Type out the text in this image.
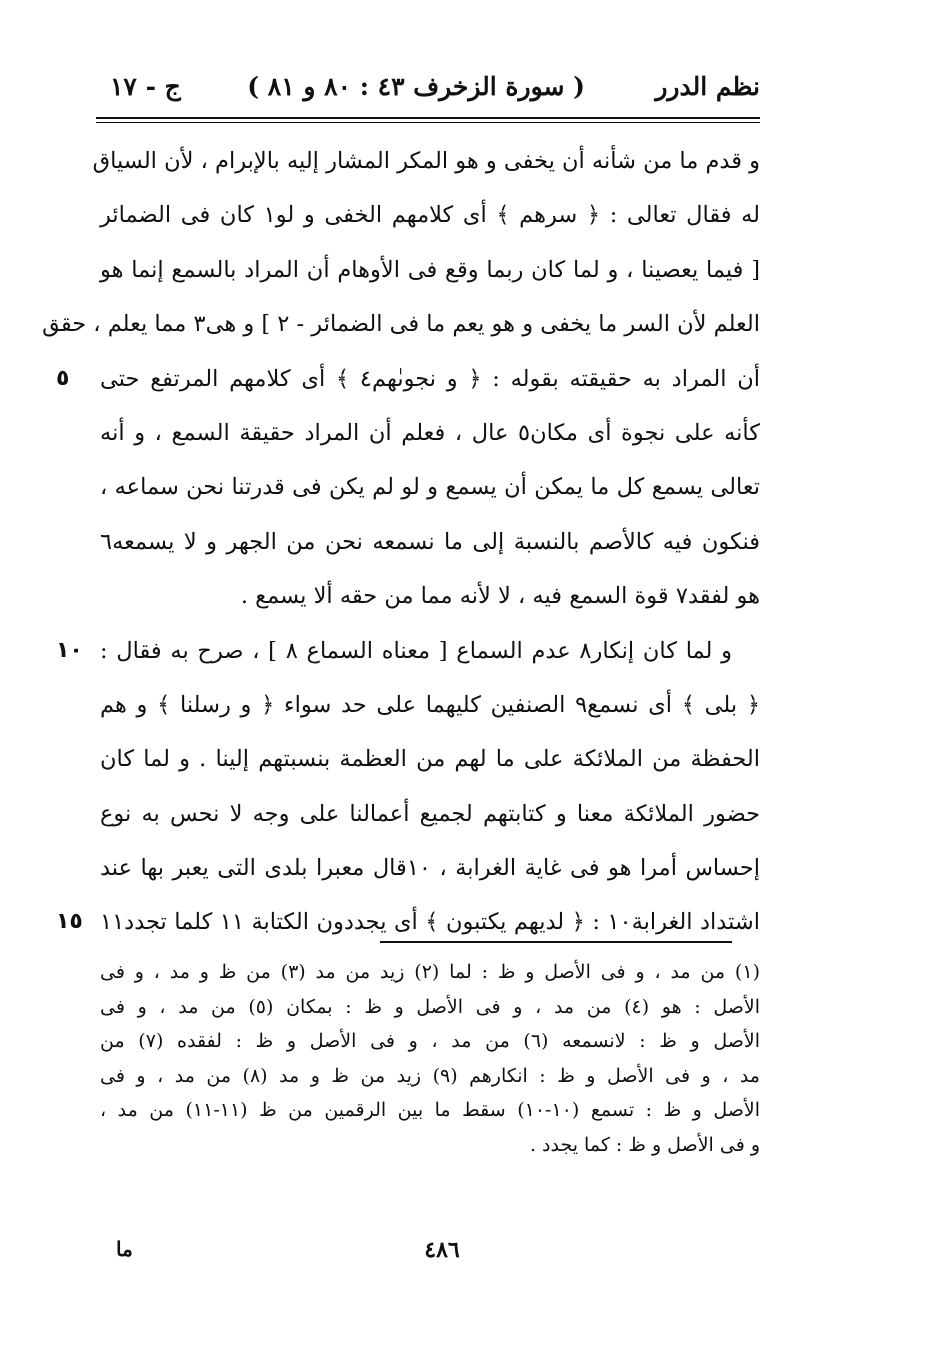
نظم الدرر
( سورة الزخرف ٤٣ : ٨٠ و ٨١ )
ج - ١٧
و قدم ما من شأنه أن يخفى و هو المكر المشار إليه بالإبرام ، لأن السياق
له فقال تعالى : ﴿ سرهم ﴾ أى كلامهم الخفى و لو١ كان فى الضمائر
[ فيما يعصينا ، و لما كان ربما وقع فى الأوهام أن المراد بالسمع إنما هو
العلم لأن السر ما يخفى و هو يعم ما فى الضمائر - ٢ ] و هى٣ مما يعلم ، حقق
أن المراد به حقيقته بقوله : ﴿ و نجوىٰهم٤ ﴾ أى كلامهم المرتفع حتى
٥
كأنه على نجوة أى مكان٥ عال ، فعلم أن المراد حقيقة السمع ، و أنه
تعالى يسمع كل ما يمكن أن يسمع و لو لم يكن فى قدرتنا نحن سماعه ،
فنكون فيه كالأصم بالنسبة إلى ما نسمعه نحن من الجهر و لا يسمعه٦
هو لفقد٧ قوة السمع فيه ، لا لأنه مما من حقه ألا يسمع .
و لما كان إنكار٨ عدم السماع [ معناه السماع ٨ ] ، صرح به فقال :
١٠
﴿ بلى ﴾ أى نسمع٩ الصنفين كليهما على حد سواء ﴿ و رسلنا ﴾ و هم
الحفظة من الملائكة على ما لهم من العظمة بنسبتهم إلينا . و لما كان
حضور الملائكة معنا و كتابتهم لجميع أعمالنا على وجه لا نحس به نوع
إحساس أمرا هو فى غاية الغرابة ، ١٠قال معبرا بلدى التى يعبر بها عند
اشتداد الغرابة١٠ : ﴿ لديهم يكتبون ﴾ أى يجددون الكتابة ١١ كلما تجدد١١
١٥
(١) من مد ، و فى الأصل و ظ : لما (٢) زيد من مد (٣) من ظ و مد ، و فى
الأصل : هو (٤) من مد ، و فى الأصل و ظ : بمكان (٥) من مد ، و فى
الأصل و ظ : لانسمعه (٦) من مد ، و فى الأصل و ظ : لفقده (٧) من
مد ، و فى الأصل و ظ : انكارهم (٩) زيد من ظ و مد (٨) من مد ، و فى
الأصل و ظ : تسمع (١٠-١٠) سقط ما بين الرقمين من ظ (١١-١١) من مد ،
و فى الأصل و ظ : كما يجدد .
٤٨٦
ما
